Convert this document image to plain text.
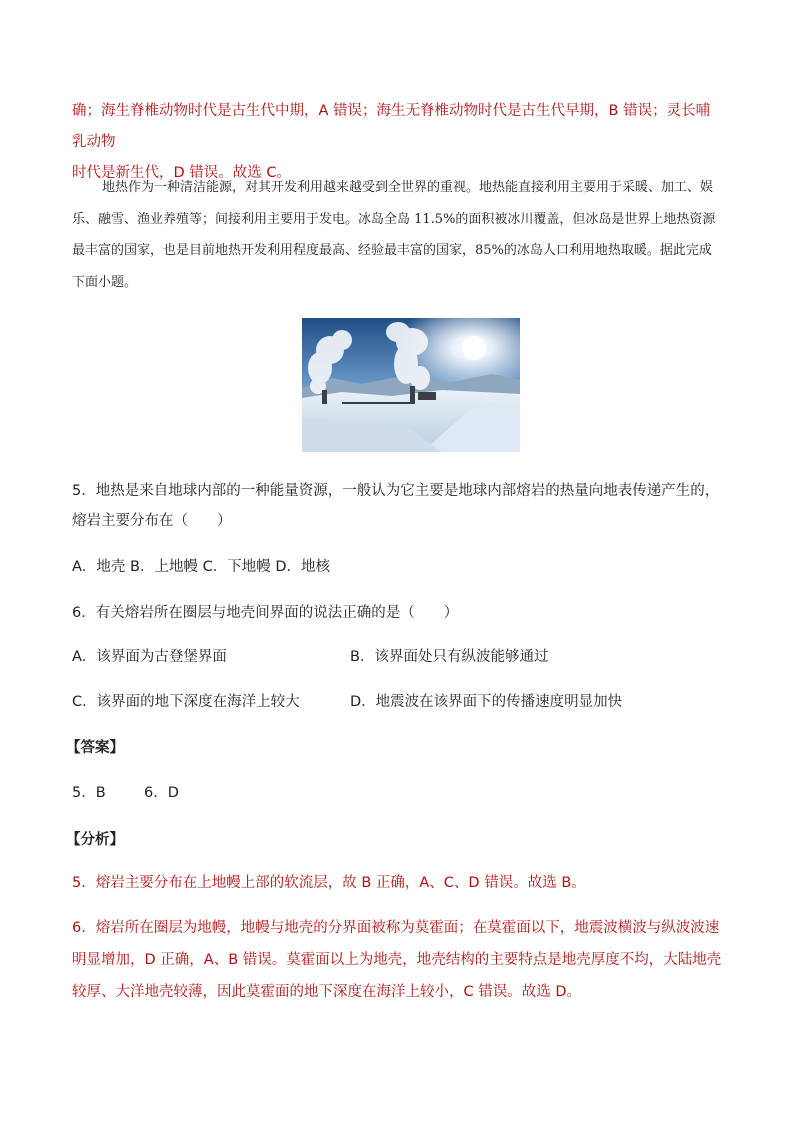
确；海生脊椎动物时代是古生代中期，A 错误；海生无脊椎动物时代是古生代早期，B 错误；灵长哺乳动物
时代是新生代，D 错误。故选 C。

地热作为一种清洁能源，对其开发利用越来越受到全世界的重视。地热能直接利用主要用于采暖、加工、娱乐、融雪、渔业养殖等；间接利用主要用于发电。冰岛全岛 11.5%的面积被冰川覆盖，但冰岛是世界上地热资源最丰富的国家，也是目前地热开发利用程度最高、经验最丰富的国家，85%的冰岛人口利用地热取暖。据此完成下面小题。

5．地热是来自地球内部的一种能量资源，一般认为它主要是地球内部熔岩的热量向地表传递产生的，熔岩主要分布在（　　）

A．地壳 B．上地幔 C．下地幔 D．地核

6．有关熔岩所在圈层与地壳间界面的说法正确的是（　　）

A．该界面为古登堡界面	B．该界面处只有纵波能够通过
C．该界面的地下深度在海洋上较大	D．地震波在该界面下的传播速度明显加快
【答案】
5．B	6．D
【分析】

5．熔岩主要分布在上地幔上部的软流层，故 B 正确，A、C、D 错误。故选 B。

6．熔岩所在圈层为地幔，地幔与地壳的分界面被称为莫霍面；在莫霍面以下，地震波横波与纵波波速明显增加，D 正确，A、B 错误。莫霍面以上为地壳，地壳结构的主要特点是地壳厚度不均，大陆地壳较厚、大洋地壳较薄，因此莫霍面的地下深度在海洋上较小，C 错误。故选 D。
